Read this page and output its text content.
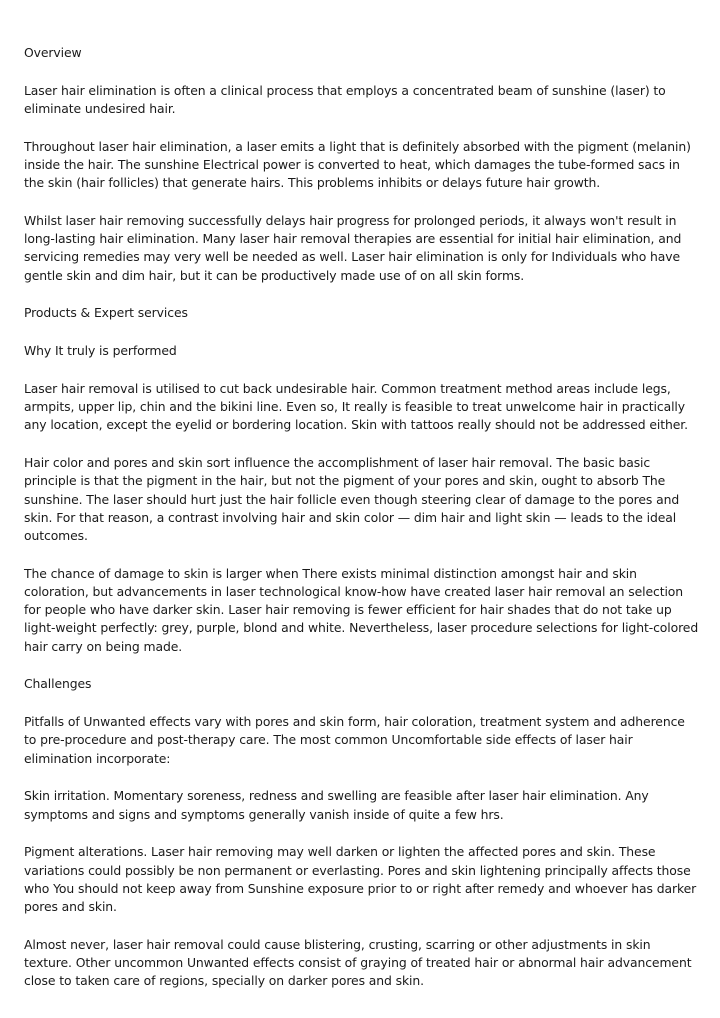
Overview

Laser hair elimination is often a clinical process that employs a concentrated beam of sunshine (laser) to eliminate undesired hair.

Throughout laser hair elimination, a laser emits a light that is definitely absorbed with the pigment (melanin) inside the hair. The sunshine Electrical power is converted to heat, which damages the tube-formed sacs in the skin (hair follicles) that generate hairs. This problems inhibits or delays future hair growth.

Whilst laser hair removing successfully delays hair progress for prolonged periods, it always won't result in long-lasting hair elimination. Many laser hair removal therapies are essential for initial hair elimination, and servicing remedies may very well be needed as well. Laser hair elimination is only for Individuals who have gentle skin and dim hair, but it can be productively made use of on all skin forms.

Products & Expert services

Why It truly is performed

Laser hair removal is utilised to cut back undesirable hair. Common treatment method areas include legs, armpits, upper lip, chin and the bikini line. Even so, It really is feasible to treat unwelcome hair in practically any location, except the eyelid or bordering location. Skin with tattoos really should not be addressed either.

Hair color and pores and skin sort influence the accomplishment of laser hair removal. The basic basic principle is that the pigment in the hair, but not the pigment of your pores and skin, ought to absorb The sunshine. The laser should hurt just the hair follicle even though steering clear of damage to the pores and skin. For that reason, a contrast involving hair and skin color — dim hair and light skin — leads to the ideal outcomes.

The chance of damage to skin is larger when There exists minimal distinction amongst hair and skin coloration, but advancements in laser technological know-how have created laser hair removal an selection for people who have darker skin. Laser hair removing is fewer efficient for hair shades that do not take up light-weight perfectly: grey, purple, blond and white. Nevertheless, laser procedure selections for light-colored hair carry on being made.

Challenges

Pitfalls of Unwanted effects vary with pores and skin form, hair coloration, treatment system and adherence to pre-procedure and post-therapy care. The most common Uncomfortable side effects of laser hair elimination incorporate:

Skin irritation. Momentary soreness, redness and swelling are feasible after laser hair elimination. Any symptoms and signs and symptoms generally vanish inside of quite a few hrs.

Pigment alterations. Laser hair removing may well darken or lighten the affected pores and skin. These variations could possibly be non permanent or everlasting. Pores and skin lightening principally affects those who You should not keep away from Sunshine exposure prior to or right after remedy and whoever has darker pores and skin.

Almost never, laser hair removal could cause blistering, crusting, scarring or other adjustments in skin texture. Other uncommon Unwanted effects consist of graying of treated hair or abnormal hair advancement close to taken care of regions, specially on darker pores and skin.
